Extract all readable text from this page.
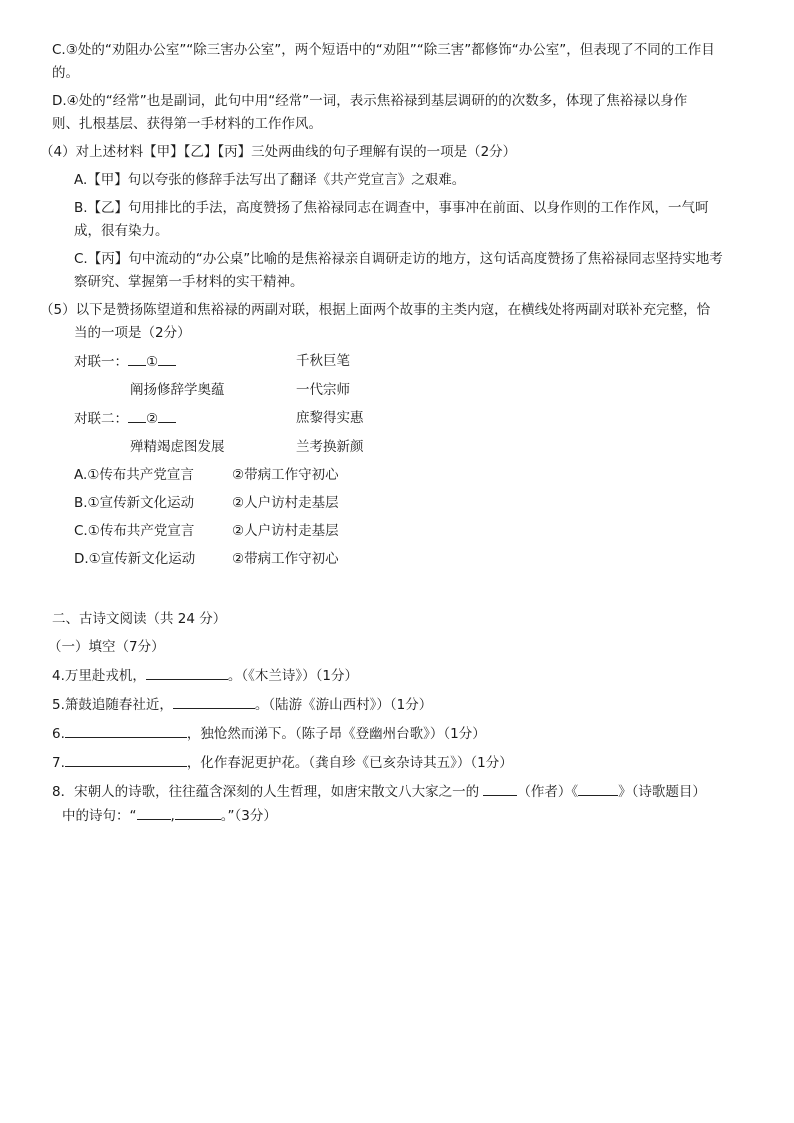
C.③处的“劝阻办公室”“除三害办公室”，两个短语中的“劝阻”“除三害”都修饰“办公室”，但表现了不同的工作目
的。
D.④处的“经常”也是副词，此句中用“经常”一词，表示焦裕禄到基层调研的的次数多，体现了焦裕禄以身作
则、扎根基层、获得第一手材料的工作作风。
（4）对上述材料【甲】【乙】【丙】三处两曲线的句子理解有误的一项是（2分）
A.【甲】句以夸张的修辞手法写出了翻译《共产党宣言》之艰难。
B.【乙】句用排比的手法，高度赞扬了焦裕禄同志在调查中，事事冲在前面、以身作则的工作作风，一气呵
成，很有染力。
C.【丙】句中流动的“办公桌”比喻的是焦裕禄亲自调研走访的地方，这句话高度赞扬了焦裕禄同志坚持实地考
察研究、掌握第一手材料的实干精神。
（5）以下是赞扬陈望道和焦裕禄的两副对联，根据上面两个故事的主类内寇，在横线处将两副对联补充完整，恰
当的一项是（2分）
对联一： ①	千秋巨笔
阐扬修辞学奥蕴	一代宗师
对联二： ②	庶黎得实惠
殚精竭虑图发展	兰考换新颜
A.①传布共产党宣言	②带病工作守初心
B.①宣传新文化运动	②人户访村走基层
C.①传布共产党宣言	②人户访村走基层
D.①宣传新文化运动	②带病工作守初心
二、古诗文阅读（共 24 分）
（一）填空（7分）
4.万里赴戎机，	。（《木兰诗》）（1分）
5.箫鼓追随春社近，	。（陆游《游山西村》）（1分）
6.	，独怆然而涕下。（陈子昂《登幽州台歌》）（1分）
7.	，化作春泥更护花。（龚自珍《已亥杂诗其五》）（1分）
8．宋朝人的诗歌，往往蕴含深刻的人生哲理，如唐宋散文八大家之一的	（作者）《	》（诗歌题目）
中的诗句：“	,	。”（3分）
